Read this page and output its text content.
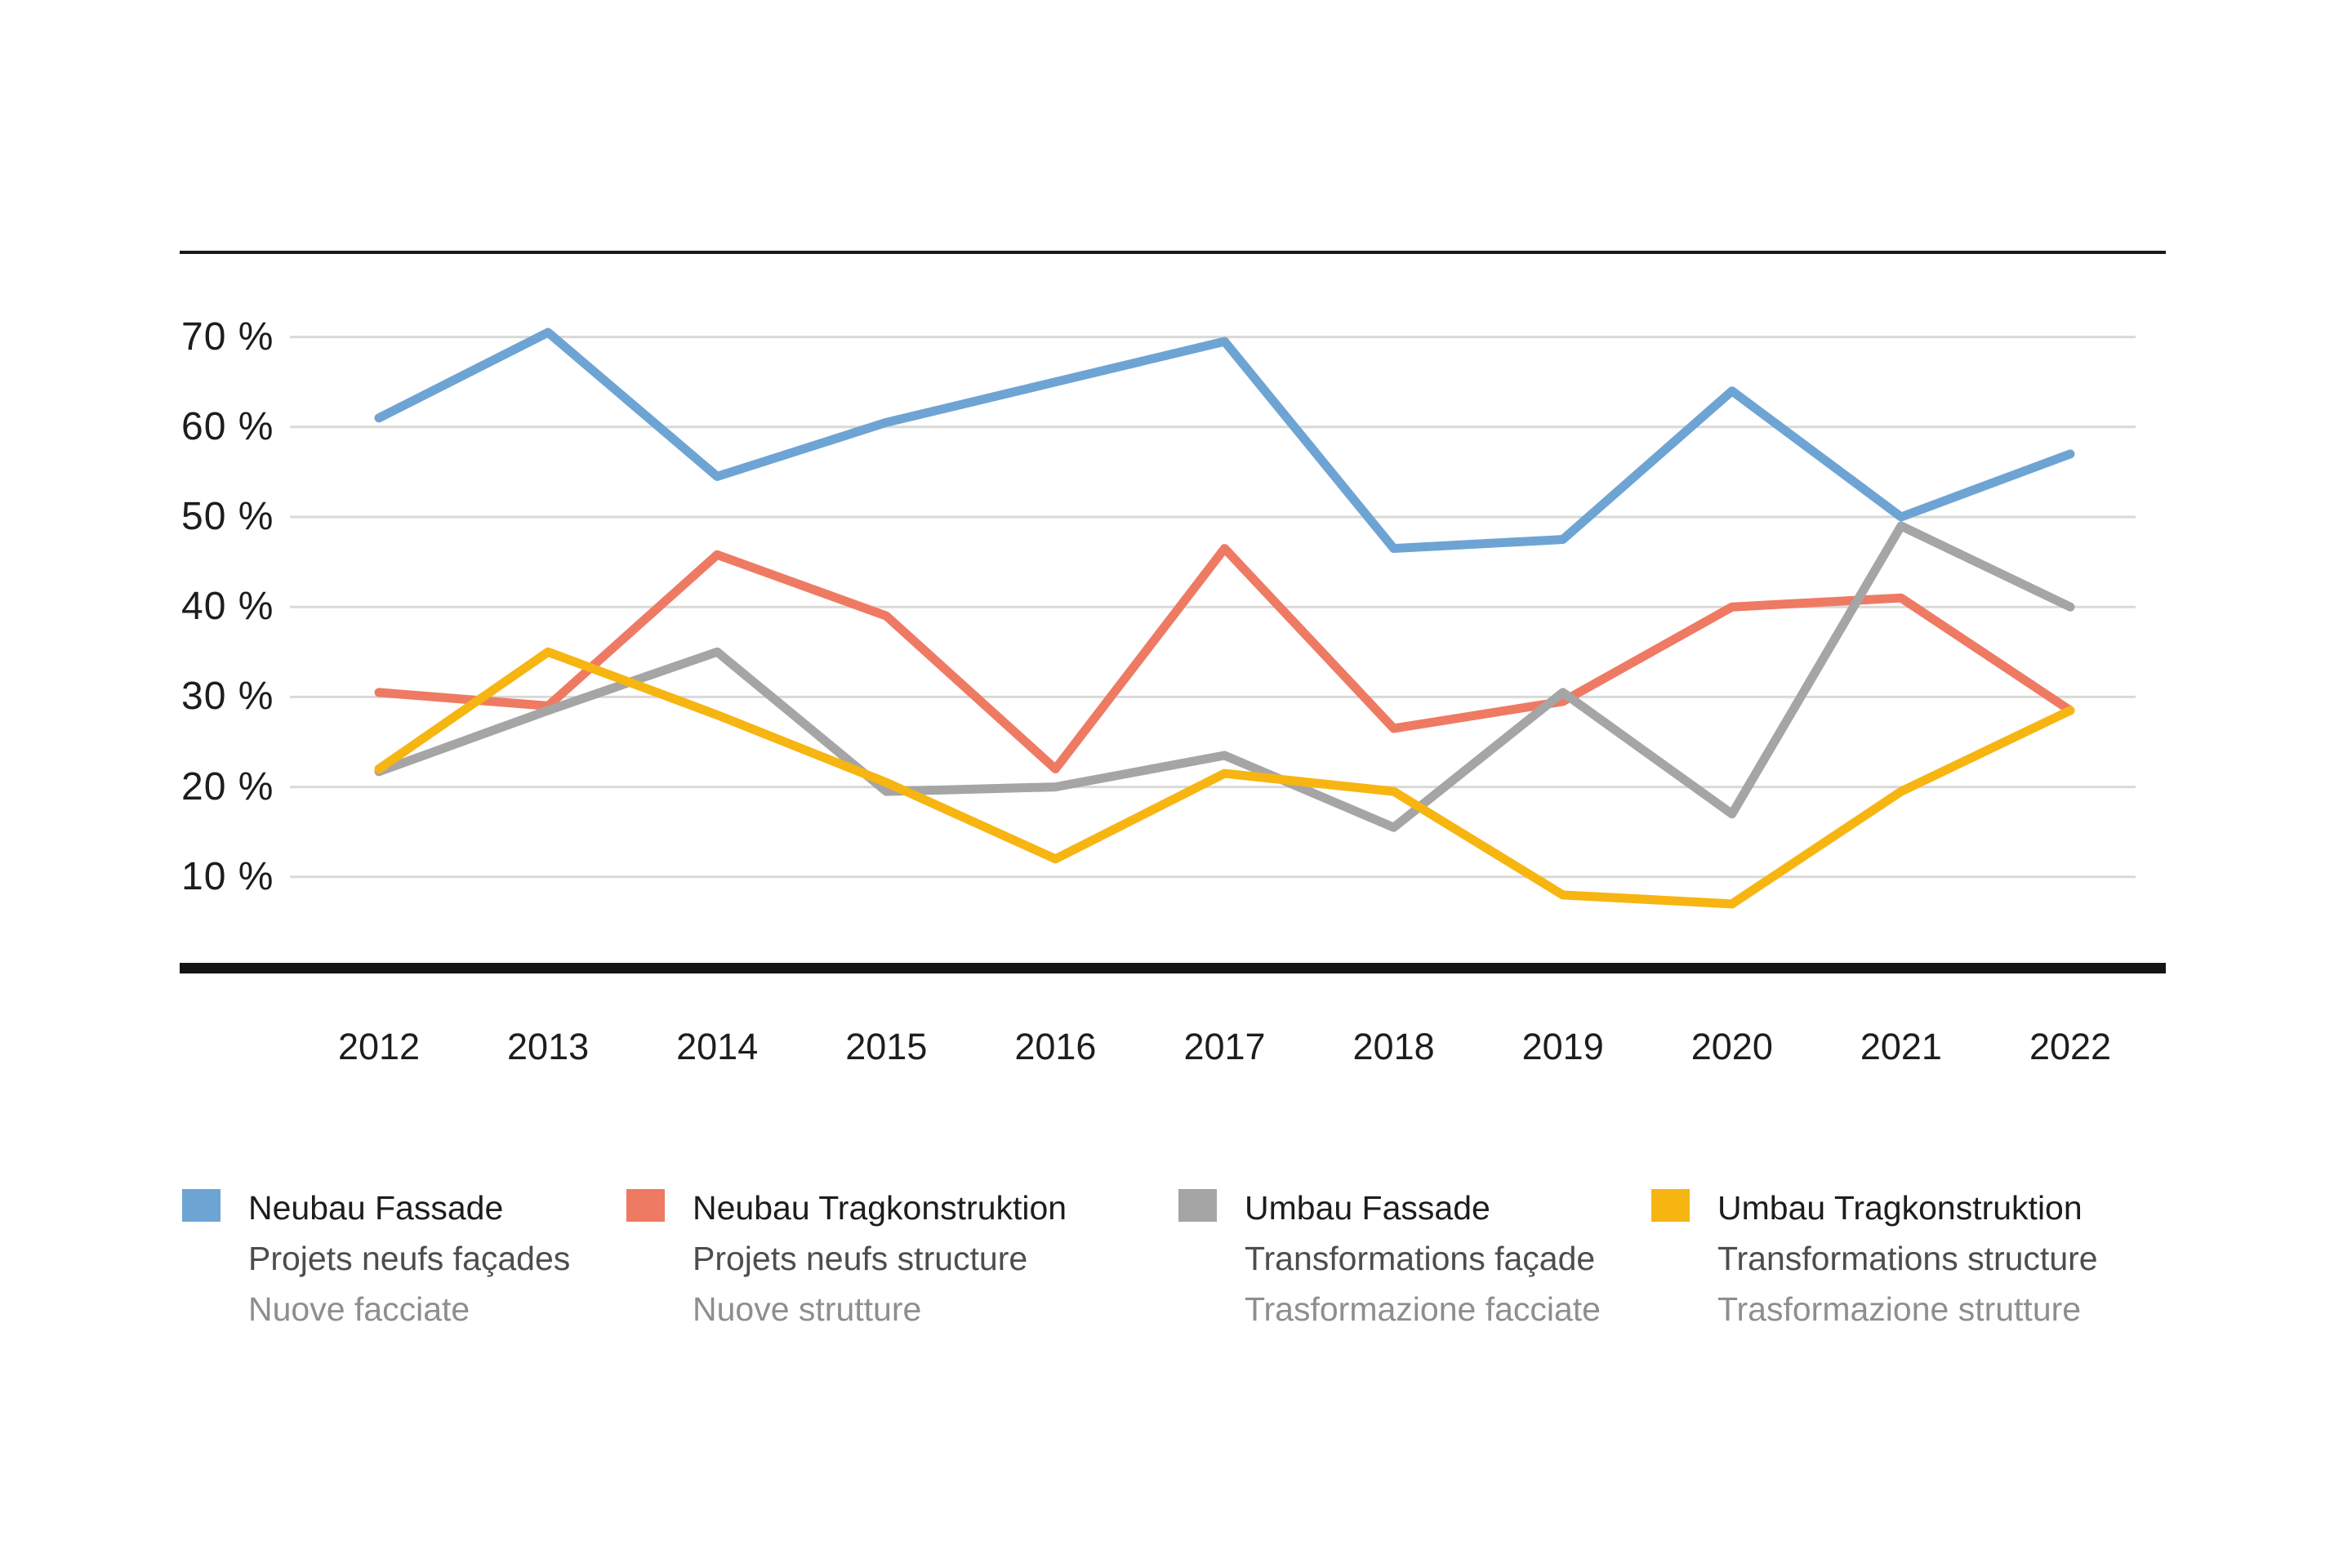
70 %
60 %
50 %
40 %
30 %
20 %
10 %
2012	2013	2014	2015	2016	2017	2018	2019	2020	2021	2022
Neubau Fassade
Projets neufs façades
Nuove facciate
Neubau Tragkonstruktion
Projets neufs structure
Nuove strutture
Umbau Fassade
Transformations façade
Trasformazione facciate
Umbau Tragkonstruktion
Transformations structure
Trasformazione strutture
